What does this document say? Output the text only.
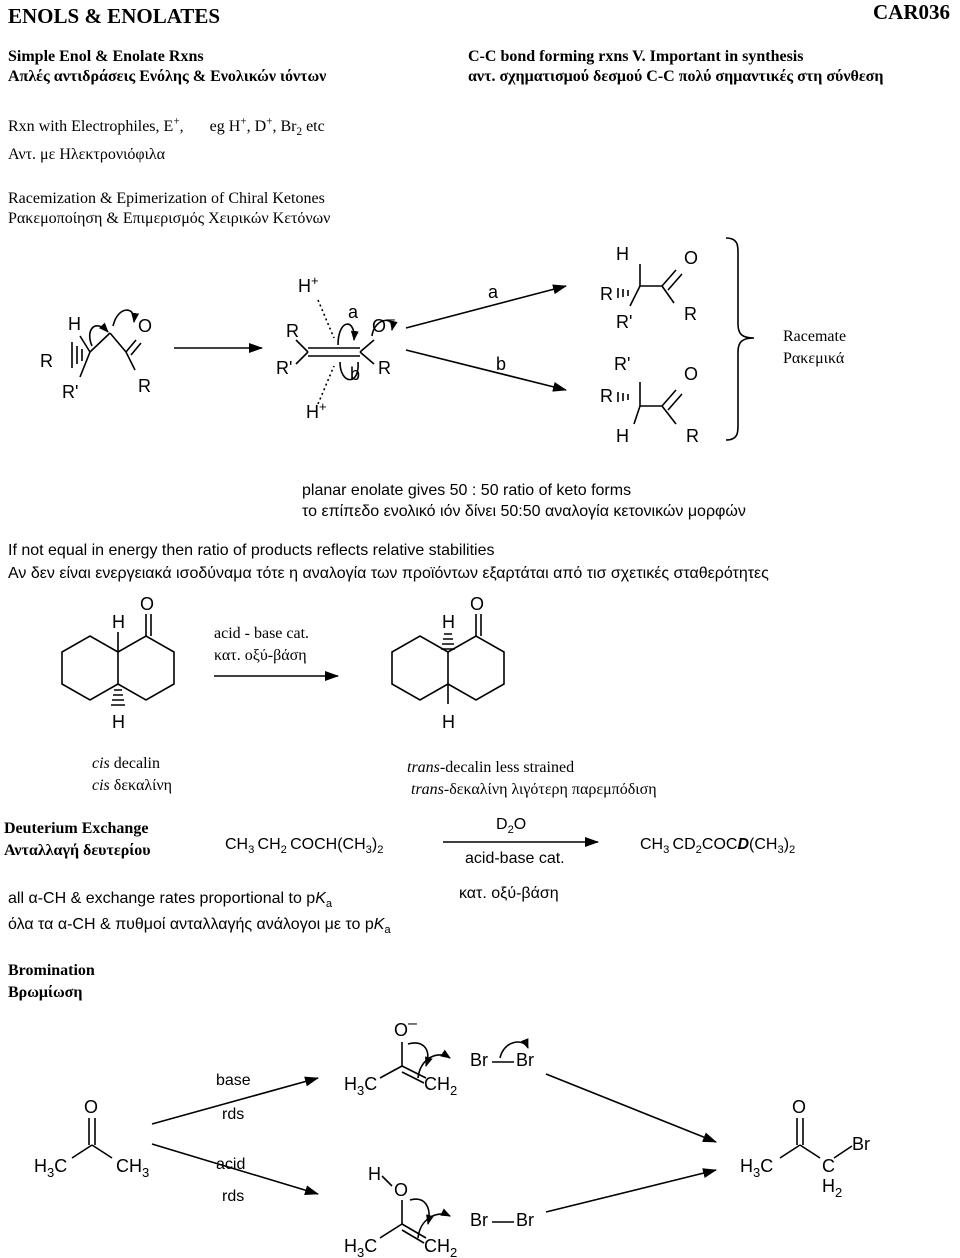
ENOLS & ENOLATES	CAR036
Simple Enol & Enolate Rxns
Απλές αντιδράσεις Ενόλης & Ενολικών ιόντων
C-C bond forming rxns V. Important in synthesis
αντ. σχηματισμού δεσμού C-C πολύ σημαντικές στη σύνθεση
Rxn with Electrophiles, E+, eg H+, D+, $Br_2$ etc
Αντ. με Ηλεκτρονιόφιλα
Racemization & Epimerization of Chiral Ketones
Ρακεμοποίηση & Επιμερισμός Χειρικών Κετόνων
Racemate
Ρακεμικά
planar enolate gives 50 : 50 ratio of keto forms
το επίπεδο ενολικό ιόν δίνει 50:50 αναλογία κετονικών μορφών
If not equal in energy then ratio of products reflects relative stabilities
Αν δεν είναι ενεργειακά ισοδύναμα τότε η αναλογία των προϊόντων εξαρτάται από τισ σχετικές σταθερότητες
acid - base cat.
κατ. οξύ-βάση
cis decalin
cis δεκαλίνη
trans-decalin less strained
trans-δεκαλίνη λιγότερη παρεμπόδιση
Deuterium Exchange
Ανταλλαγή δευτερίου	$CH_3$  $CH_2$  $COCH(CH_3)_2$
$D_2O$
acid-base cat.
κατ. οξύ-βάση
$CH_3$  $CD_2COCD(CH_3)_2$
all α-CH & exchange rates proportional to $pK_a$
όλα τα α-CH & πυθμοί ανταλλαγής ανάλογοι με το $pK_a$
Bromination
Βρωμίωση
base
rds
acid
rds
H	O
R
R'	R
H+
a
R	O–
R'	b R
H+
a
b
H	O
R
R'	R
R'	O
R
H	R
H
O
H
H
O
H
O
$H_3C$	$CH_3$
O–
$H_3C$	$CH_2$
Br Br
H
O
$H_3C$	$CH_2$
Br Br
O
$H_3C$	C
Br
$H_2$
